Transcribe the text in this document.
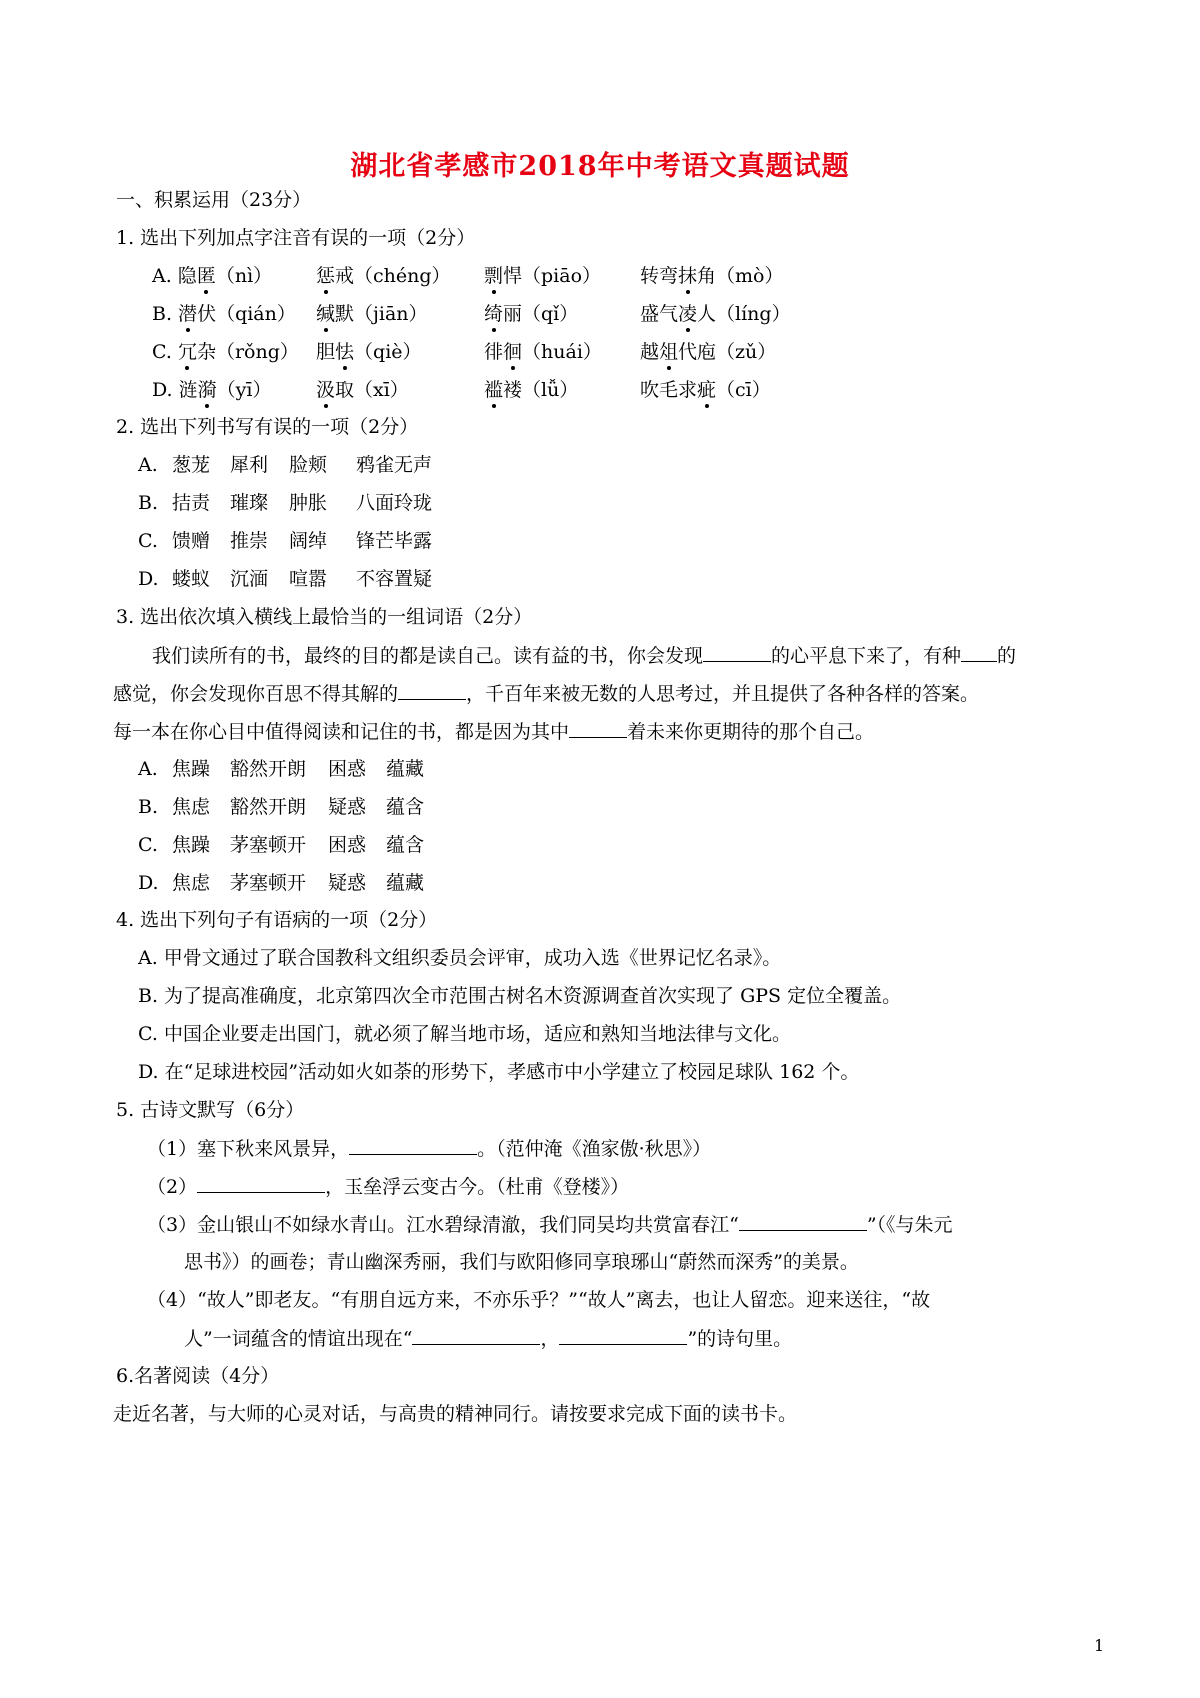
湖北省孝感市2018年中考语文真题试题
一、积累运用（23分）
1. 选出下列加点字注音有误的一项（2分）
A. 隐匿（nì） 惩戒（chéng） 剽悍（piāo） 转弯抹角（mò）
B. 潜伏（qián） 缄默（jiān）	绮丽（qǐ）	盛气凌人（líng）
C. 冗杂（rǒng） 胆怯（qiè）	徘徊（huái） 越俎代庖（zǔ）
D. 涟漪（yī） 汲取（xī）	褴褛（lǚ）	吹毛求疵（cī）
2. 选出下列书写有误的一项（2分）
A. 葱茏 犀利 脸颊 鸦雀无声
B. 拮责 璀璨 肿胀 八面玲珑
C. 馈赠 推崇 阔绰 锋芒毕露
D. 蝼蚁 沉湎 喧嚣 不容置疑
3. 选出依次填入横线上最恰当的一组词语（2分）
我们读所有的书，最终的目的都是读自己。读有益的书，你会发现	的心平息下来了，有种 的
感觉，你会发现你百思不得其解的	，千百年来被无数的人思考过，并且提供了各种各样的答案。
每一本在你心目中值得阅读和记住的书，都是因为其中	着未来你更期待的那个自己。
A. 焦躁 豁然开朗 困惑 蕴藏
B. 焦虑 豁然开朗 疑惑 蕴含
C. 焦躁 茅塞顿开 困惑 蕴含
D. 焦虑 茅塞顿开 疑惑 蕴藏
4. 选出下列句子有语病的一项（2分）
A. 甲骨文通过了联合国教科文组织委员会评审，成功入选《世界记忆名录》。
B. 为了提高准确度，北京第四次全市范围古树名木资源调查首次实现了 GPS 定位全覆盖。
C. 中国企业要走出国门，就必须了解当地市场，适应和熟知当地法律与文化。
D. 在“足球进校园”活动如火如荼的形势下，孝感市中小学建立了校园足球队 162 个。
5. 古诗文默写（6分）
（1）塞下秋来风景异，	。（范仲淹《渔家傲·秋思》）
（2）	，玉垒浮云变古今。（杜甫《登楼》）
（3）金山银山不如绿水青山。江水碧绿清澈，我们同吴均共赏富春江“	”（《与朱元
思书》）的画卷；青山幽深秀丽，我们与欧阳修同享琅琊山“蔚然而深秀”的美景。
（4）“故人”即老友。“有朋自远方来，不亦乐乎？”“故人”离去，也让人留恋。迎来送往，“故
人”一词蕴含的情谊出现在“	，	”的诗句里。
6.名著阅读（4分）
走近名著，与大师的心灵对话，与高贵的精神同行。请按要求完成下面的读书卡。
1
